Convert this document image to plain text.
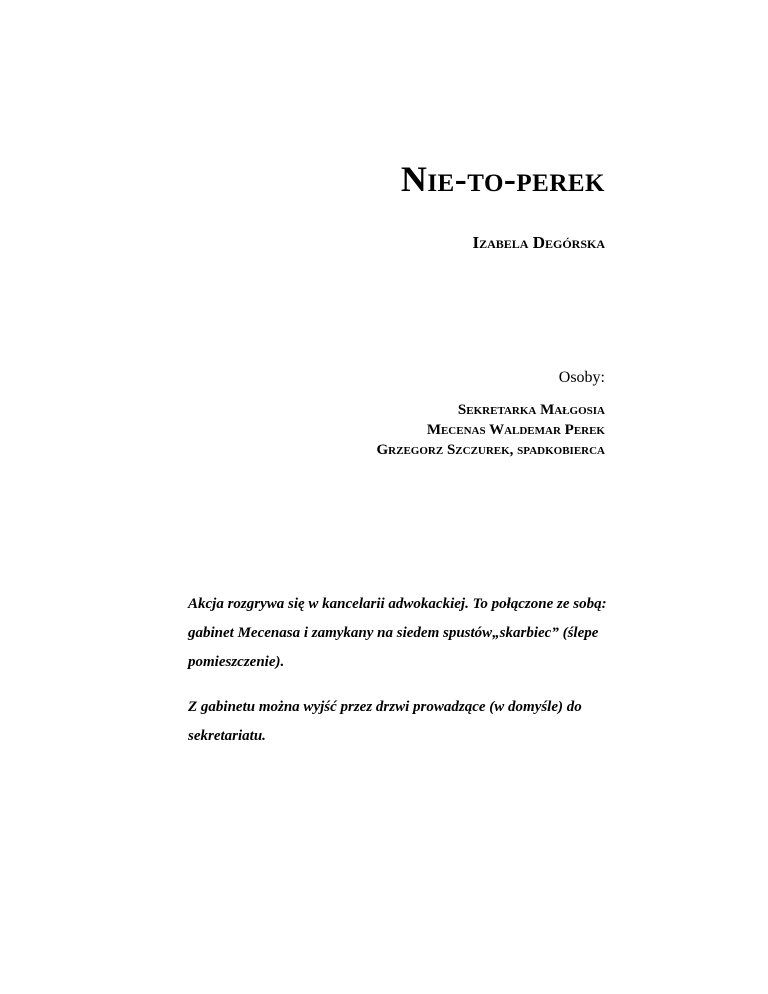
Nie-to-perek
Izabela Degórska
Osoby:
Sekretarka Małgosia
Mecenas Waldemar Perek
Grzegorz Szczurek, spadkobierca

Akcja rozgrywa się w kancelarii adwokackiej. To połączone ze sobą: gabinet Mecenasa i zamykany na siedem spustów„skarbiec” (ślepe pomieszczenie).

Z gabinetu można wyjść przez drzwi prowadzące (w domyśle) do sekretariatu.
